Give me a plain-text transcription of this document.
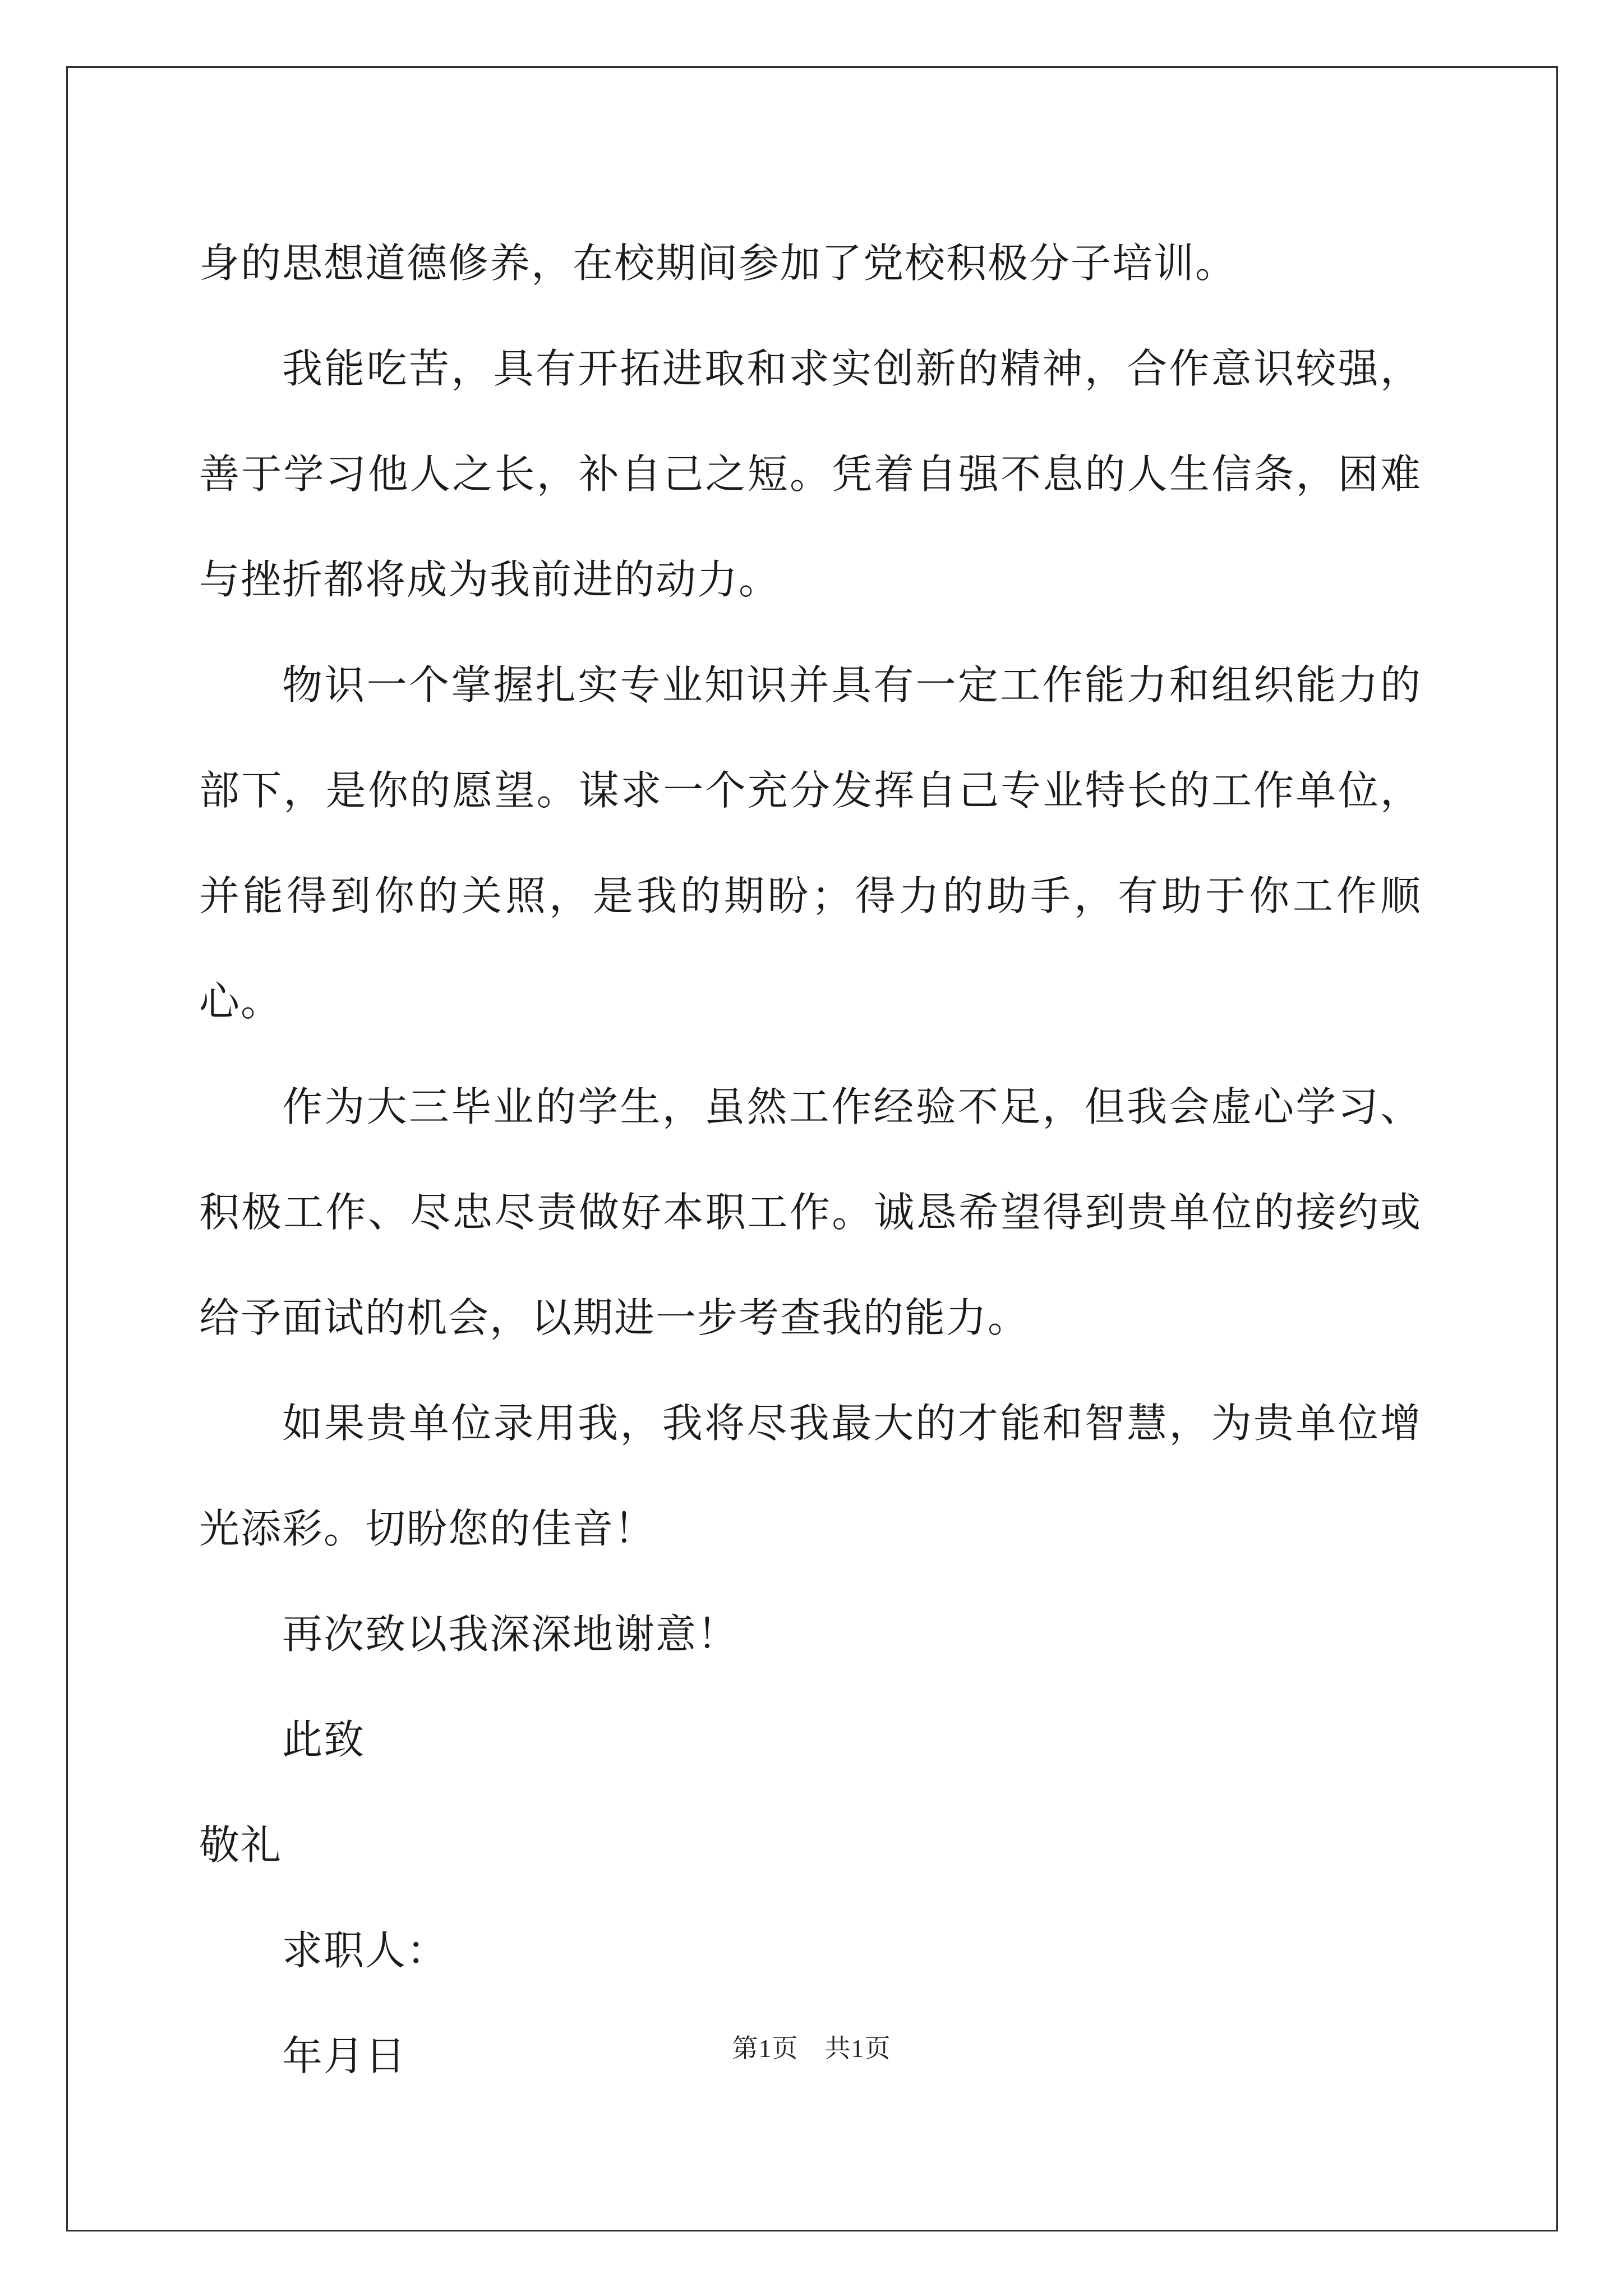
身的思想道德修养，在校期间参加了党校积极分子培训。

我能吃苦，具有开拓进取和求实创新的精神，合作意识较强，善于学习他人之长，补自己之短。凭着自强不息的人生信条，困难与挫折都将成为我前进的动力。

物识一个掌握扎实专业知识并具有一定工作能力和组织能力的部下，是你的愿望。谋求一个充分发挥自己专业特长的工作单位，并能得到你的关照，是我的期盼；得力的助手，有助于你工作顺心。

作为大三毕业的学生，虽然工作经验不足，但我会虚心学习、积极工作、尽忠尽责做好本职工作。诚恳希望得到贵单位的接约或给予面试的机会，以期进一步考查我的能力。

如果贵单位录用我，我将尽我最大的才能和智慧，为贵单位增光添彩。切盼您的佳音！

再次致以我深深地谢意！

此致

敬礼

求职人：

年月日	第1页　共1页
